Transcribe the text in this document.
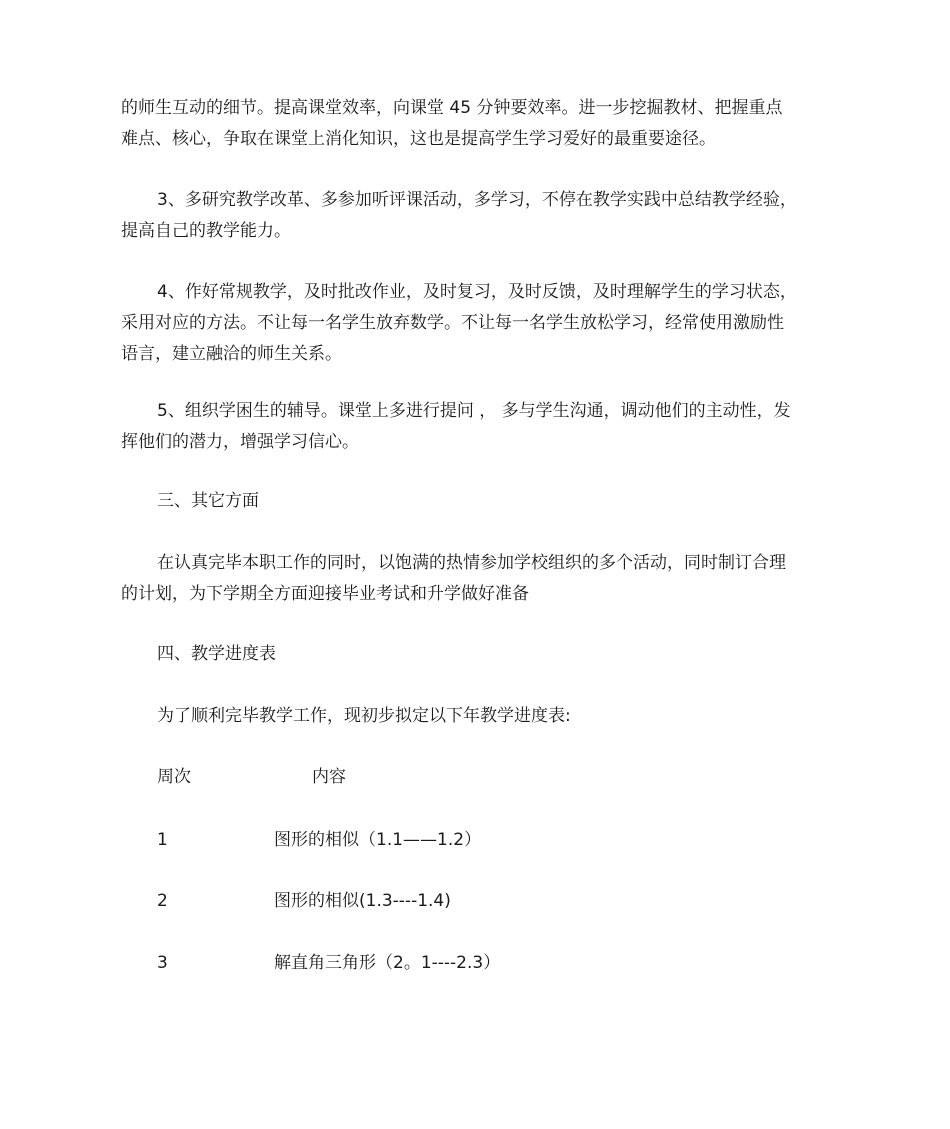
的师生互动的细节。提高课堂效率，向课堂 45 分钟要效率。进一步挖掘教材、把握重点
难点、核心，争取在课堂上消化知识，这也是提高学生学习爱好的最重要途径。

3、多研究教学改革、多参加听评课活动，多学习，不停在教学实践中总结教学经验，
提高自己的教学能力。

4、作好常规教学，及时批改作业，及时复习，及时反馈，及时理解学生的学习状态，
采用对应的方法。不让每一名学生放弃数学。不让每一名学生放松学习，经常使用激励性
语言，建立融洽的师生关系。

5、组织学困生的辅导。课堂上多进行提问 ， 多与学生沟通，调动他们的主动性，发
挥他们的潜力，增强学习信心。

三、其它方面

在认真完毕本职工作的同时，以饱满的热情参加学校组织的多个活动，同时制订合理
的计划，为下学期全方面迎接毕业考试和升学做好准备

四、教学进度表

为了顺利完毕教学工作，现初步拟定以下年教学进度表:

周次	内容
1	图形的相似（1.1——1.2）
2	图形的相似(1.3----1.4)
3	解直角三角形（2。1----2.3）
